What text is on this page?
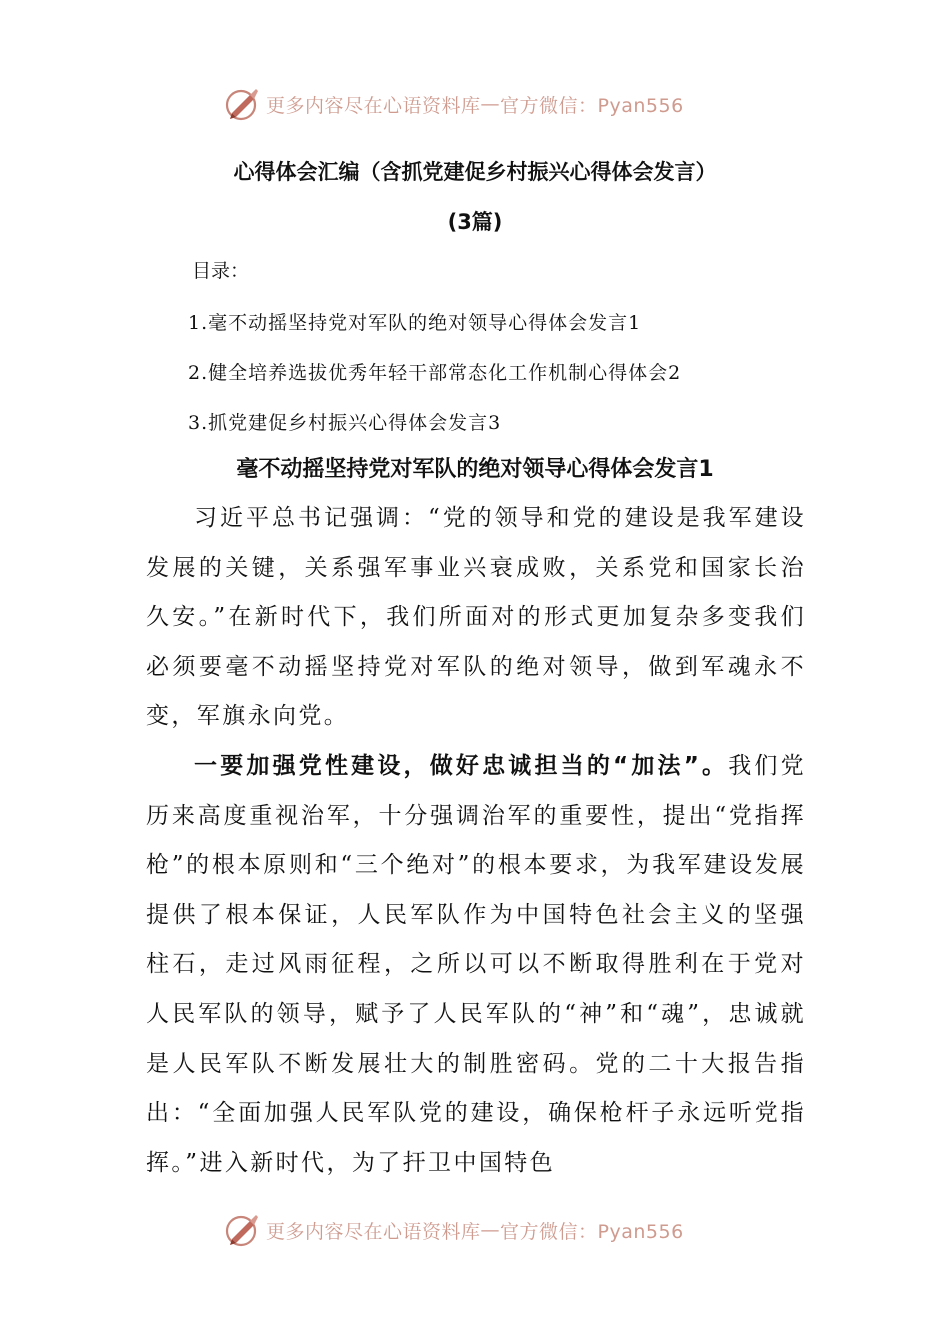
更多内容尽在心语资料库 — 官方微信：Pyan556
心得体会汇编（含抓党建促乡村振兴心得体会发言）
(3篇)
目录：
1.毫不动摇坚持党对军队的绝对领导心得体会发言1
2.健全培养选拔优秀年轻干部常态化工作机制心得体会2
3.抓党建促乡村振兴心得体会发言3
毫不动摇坚持党对军队的绝对领导心得体会发言1

习近平总书记强调：“党的领导和党的建设是我军建设发展的关键，关系强军事业兴衰成败，关系党和国家长治久安。”在新时代下，我们所面对的形式更加复杂多变我们必须要毫不动摇坚持党对军队的绝对领导，做到军魂永不变，军旗永向党。

一要加强党性建设，做好忠诚担当的“加法”。我们党历来高度重视治军，十分强调治军的重要性，提出“党指挥枪”的根本原则和“三个绝对”的根本要求，为我军建设发展提供了根本保证，人民军队作为中国特色社会主义的坚强柱石，走过风雨征程，之所以可以不断取得胜利在于党对人民军队的领导，赋予了人民军队的“神”和“魂”，忠诚就是人民军队不断发展壮大的制胜密码。党的二十大报告指出：“全面加强人民军队党的建设，确保枪杆子永远听党指挥。”进入新时代，为了扞卫中国特色

更多内容尽在心语资料库 — 官方微信：Pyan556
